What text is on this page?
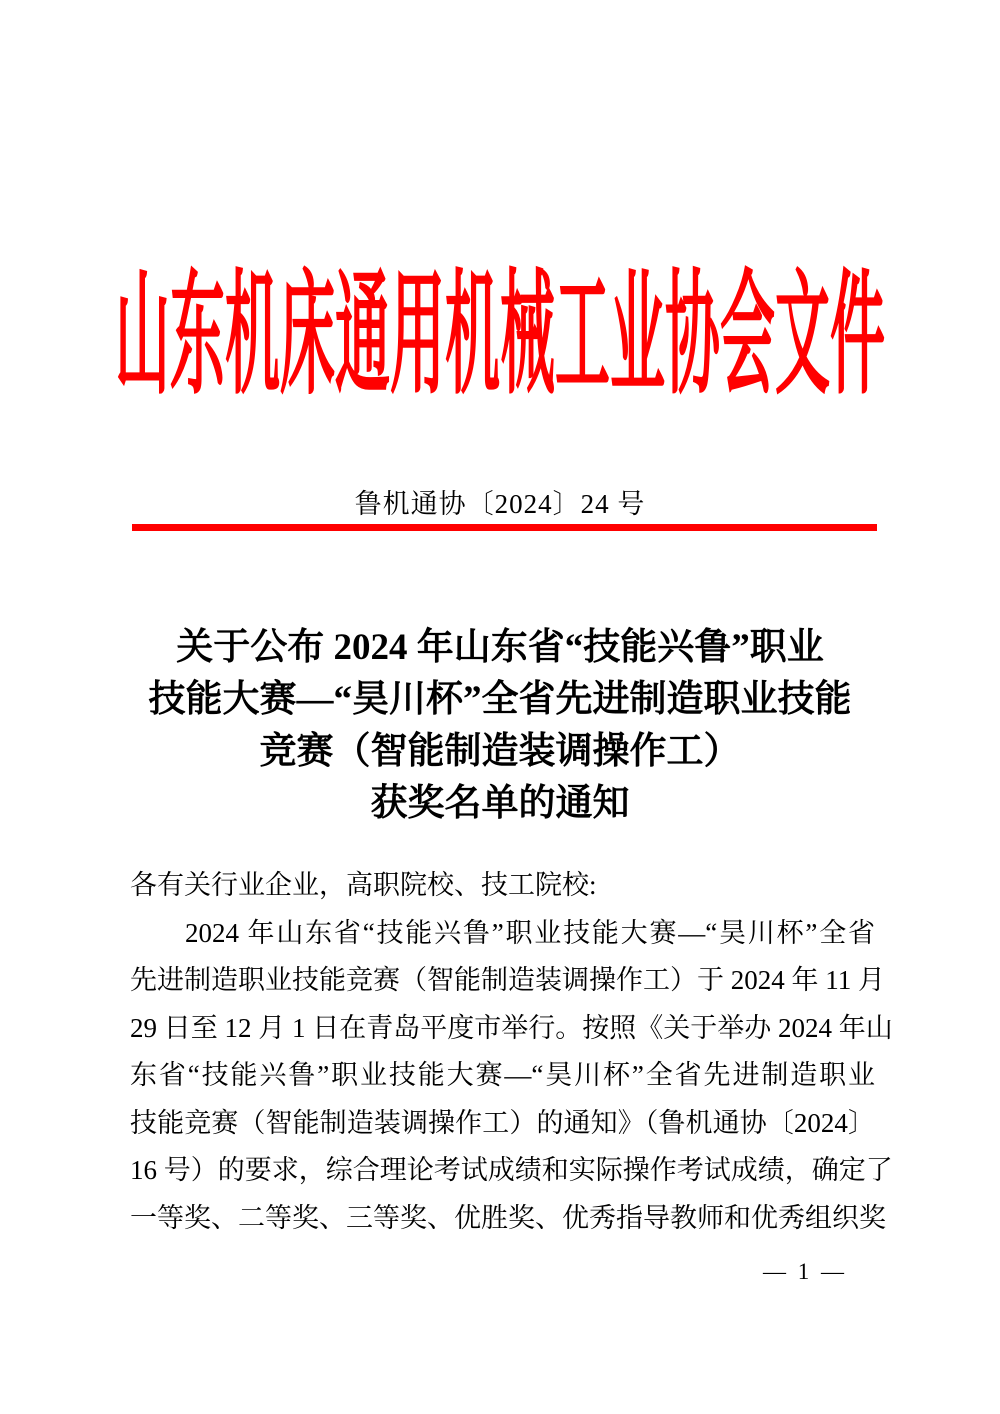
山东机床通用机械工业协会文件
鲁机通协〔2024〕24 号
关于公布 2024 年山东省“技能兴鲁”职业
技能大赛—“昊川杯”全省先进制造职业技能
竞赛（智能制造装调操作工）
获奖名单的通知
各有关行业企业，高职院校、技工院校:
2024 年山东省“技能兴鲁”职业技能大赛—“昊川杯”全省
先进制造职业技能竞赛（智能制造装调操作工）于 2024 年 11 月
29 日至 12 月 1 日在青岛平度市举行。按照《关于举办 2024 年山
东省“技能兴鲁”职业技能大赛—“昊川杯”全省先进制造职业
技能竞赛（智能制造装调操作工）的通知》（鲁机通协〔2024〕
16 号）的要求，综合理论考试成绩和实际操作考试成绩，确定了
一等奖、二等奖、三等奖、优胜奖、优秀指导教师和优秀组织奖
— 1 —
